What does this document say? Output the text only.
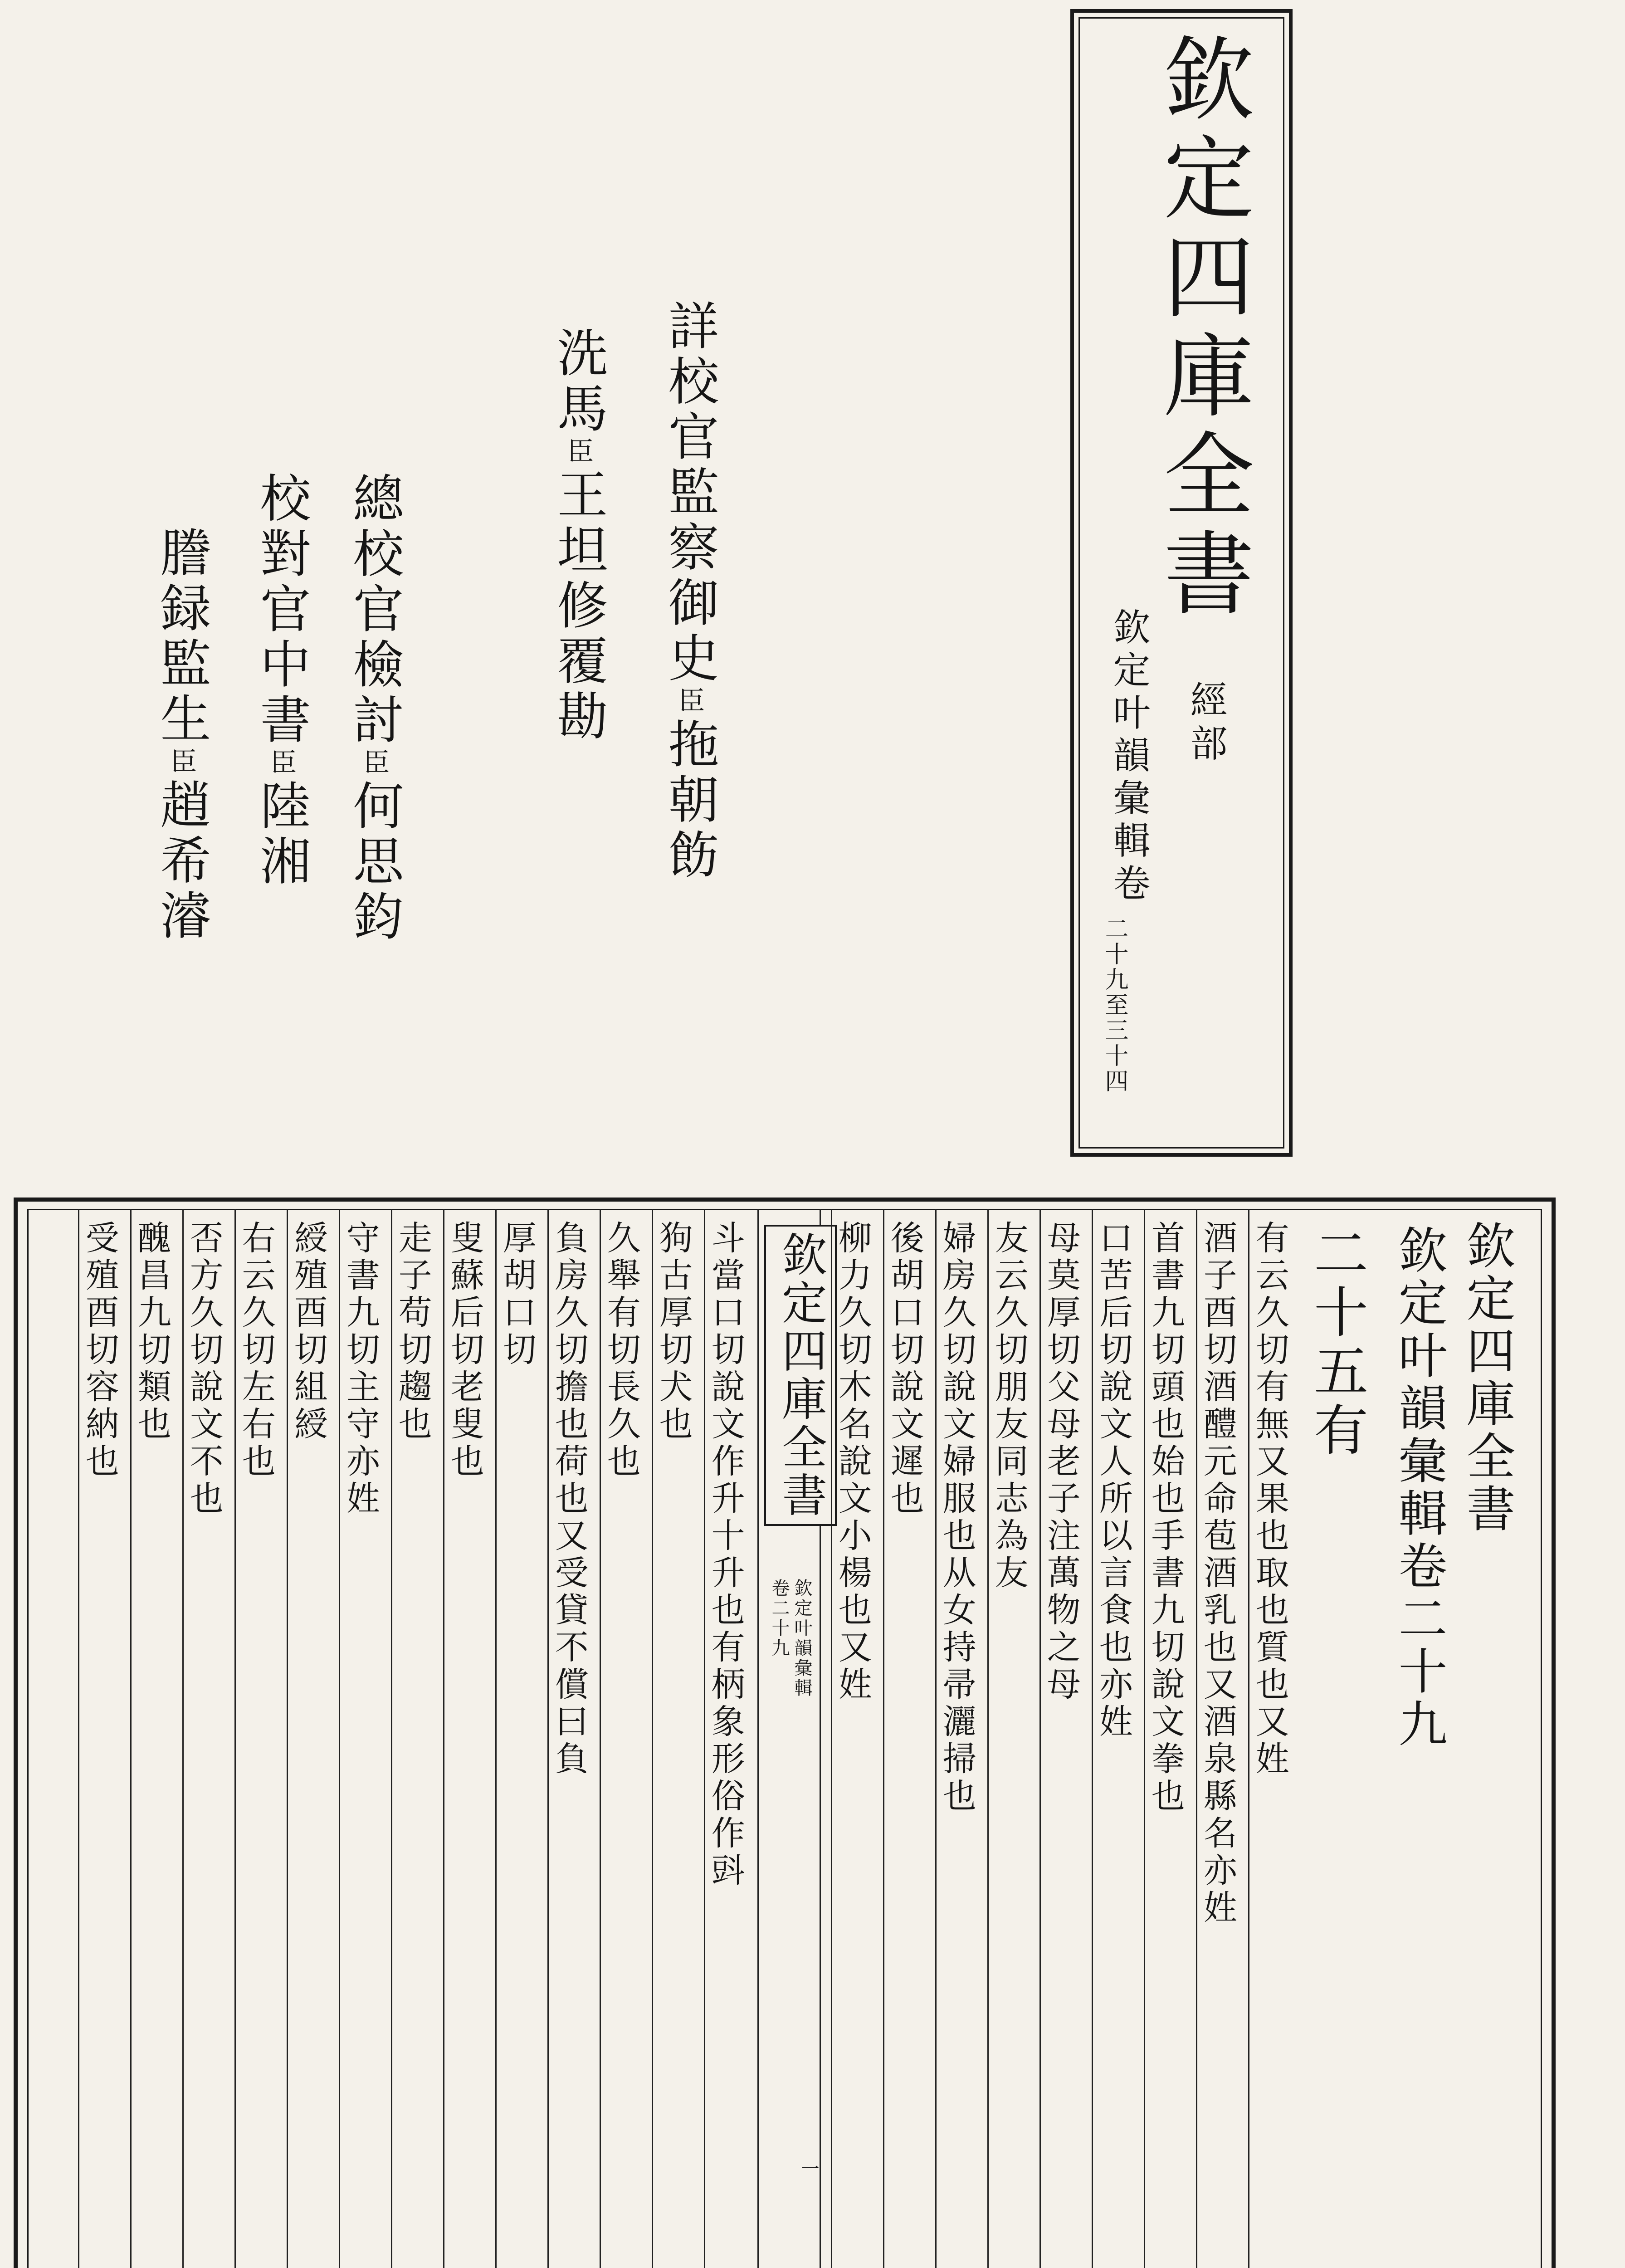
欽定四庫全書
經部
欽定叶韻彙輯卷
二十九至三十四
詳校官監察御史臣拖朝飭
洗馬臣王坦修覆勘
總校官檢討臣何思鈞
校對官中書臣陸湘
謄録監生臣趙希濬
欽定四庫全書
欽定叶韻彙輯卷二十九
二十五有
欽定四庫全書
欽定叶韻彙輯
卷二十九
一
有云久切有無又果也取也質也又姓
酒子酉切酒醴元命苞酒乳也又酒泉縣名亦姓
首書九切頭也始也手書九切說文拳也
口苦后切說文人所以言食也亦姓
母莫厚切父母老子注萬物之母
友云久切朋友同志為友
婦房久切說文婦服也从女持帚灑掃也
後胡口切說文遲也
柳力久切木名說文小楊也又姓
斗當口切說文作升十升也有柄象形俗作㪷
狗古厚切犬也
久舉有切長久也
負房久切擔也荷也又受貸不償曰負
厚胡口切
叟蘇后切老叟也
走子苟切趨也
守書九切主守亦姓
綬殖酉切組綬
右云久切左右也
否方久切說文不也
醜昌九切類也
受殖酉切容納也
